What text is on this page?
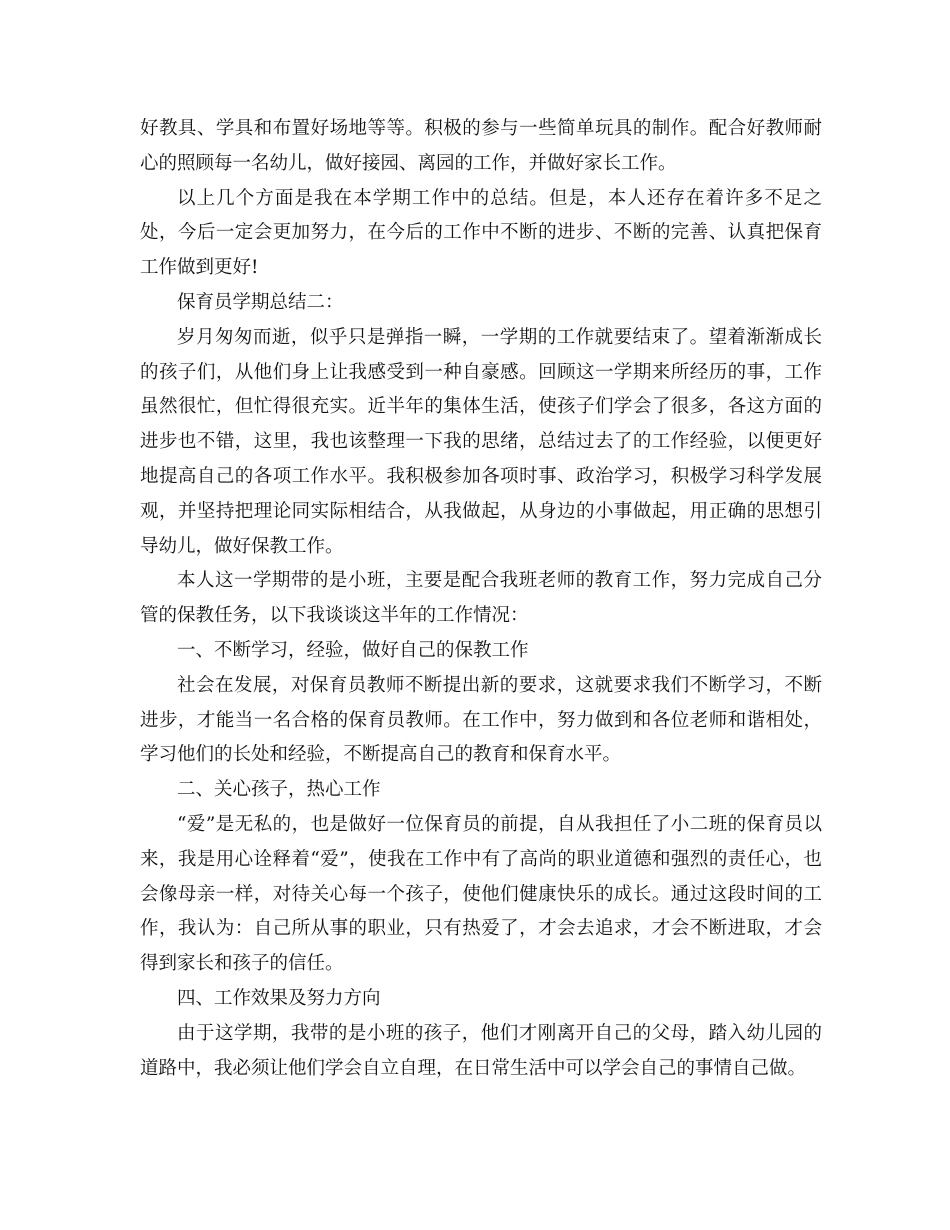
好教具、学具和布置好场地等等。积极的参与一些简单玩具的制作。配合好教师耐心的照顾每一名幼儿，做好接园、离园的工作，并做好家长工作。

以上几个方面是我在本学期工作中的总结。但是，本人还存在着许多不足之处，今后一定会更加努力，在今后的工作中不断的进步、不断的完善、认真把保育工作做到更好!

保育员学期总结二：

岁月匆匆而逝，似乎只是弹指一瞬，一学期的工作就要结束了。望着渐渐成长的孩子们，从他们身上让我感受到一种自豪感。回顾这一学期来所经历的事，工作虽然很忙，但忙得很充实。近半年的集体生活，使孩子们学会了很多，各这方面的进步也不错，这里，我也该整理一下我的思绪，总结过去了的工作经验，以便更好地提高自己的各项工作水平。我积极参加各项时事、政治学习，积极学习科学发展观，并坚持把理论同实际相结合，从我做起，从身边的小事做起，用正确的思想引导幼儿，做好保教工作。

本人这一学期带的是小班，主要是配合我班老师的教育工作，努力完成自己分管的保教任务，以下我谈谈这半年的工作情况：

一、不断学习，经验，做好自己的保教工作

社会在发展，对保育员教师不断提出新的要求，这就要求我们不断学习，不断进步，才能当一名合格的保育员教师。在工作中，努力做到和各位老师和谐相处，学习他们的长处和经验，不断提高自己的教育和保育水平。

二、关心孩子，热心工作

“爱”是无私的，也是做好一位保育员的前提，自从我担任了小二班的保育员以来，我是用心诠释着“爱”，使我在工作中有了高尚的职业道德和强烈的责任心，也会像母亲一样，对待关心每一个孩子，使他们健康快乐的成长。通过这段时间的工作，我认为：自己所从事的职业，只有热爱了，才会去追求，才会不断进取，才会得到家长和孩子的信任。

四、工作效果及努力方向

由于这学期，我带的是小班的孩子，他们才刚离开自己的父母，踏入幼儿园的道路中，我必须让他们学会自立自理，在日常生活中可以学会自己的事情自己做。
